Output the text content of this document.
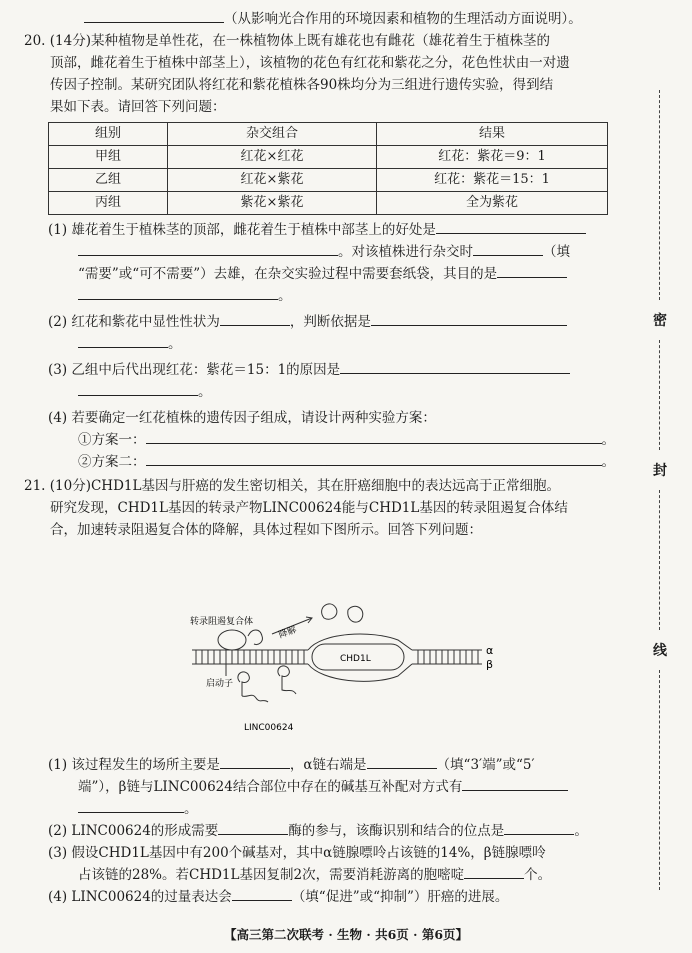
（从影响光合作用的环境因素和植物的生理活动方面说明）。
20. (14分)某种植物是单性花，在一株植物体上既有雄花也有雌花（雄花着生于植株茎的
顶部，雌花着生于植株中部茎上），该植物的花色有红花和紫花之分，花色性状由一对遗
传因子控制。某研究团队将红花和紫花植株各90株均分为三组进行遗传实验，得到结
果如下表。请回答下列问题：
组别	杂交组合	结果
甲组	红花×红花	红花：紫花＝9：1
乙组	红花×紫花	红花：紫花＝15：1
丙组	紫花×紫花	全为紫花
(1) 雄花着生于植株茎的顶部，雌花着生于植株中部茎上的好处是
。对该植株进行杂交时	（填
“需要”或“可不需要”）去雄，在杂交实验过程中需要套纸袋，其目的是
。
(2) 红花和紫花中显性性状为	，判断依据是
。
(3) 乙组中后代出现红花：紫花＝15：1的原因是
。
(4) 若要确定一红花植株的遗传因子组成，请设计两种实验方案：
①方案一：	。
②方案二：	。
21. (10分)CHD1L基因与肝癌的发生密切相关，其在肝癌细胞中的表达远高于正常细胞。
研究发现，CHD1L基因的转录产物LINC00624能与CHD1L基因的转录阻遏复合体结
合，加速转录阻遏复合体的降解，具体过程如下图所示。回答下列问题：
转录阻遏复合体
降解
CHD1L
启动子
LINC00624
α
β
(1) 该过程发生的场所主要是	，α链右端是	（填“3′端”或“5′
端”），β链与LINC00624结合部位中存在的碱基互补配对方式有
。
(2) LINC00624的形成需要	酶的参与，该酶识别和结合的位点是	。
(3) 假设CHD1L基因中有200个碱基对，其中α链腺嘌呤占该链的14%，β链腺嘌呤
占该链的28%。若CHD1L基因复制2次，需要消耗游离的胞嘧啶	个。
(4) LINC00624的过量表达会	（填“促进”或“抑制”）肝癌的进展。
密
封
线
【高三第二次联考 · 生物 · 共6页 · 第6页】
